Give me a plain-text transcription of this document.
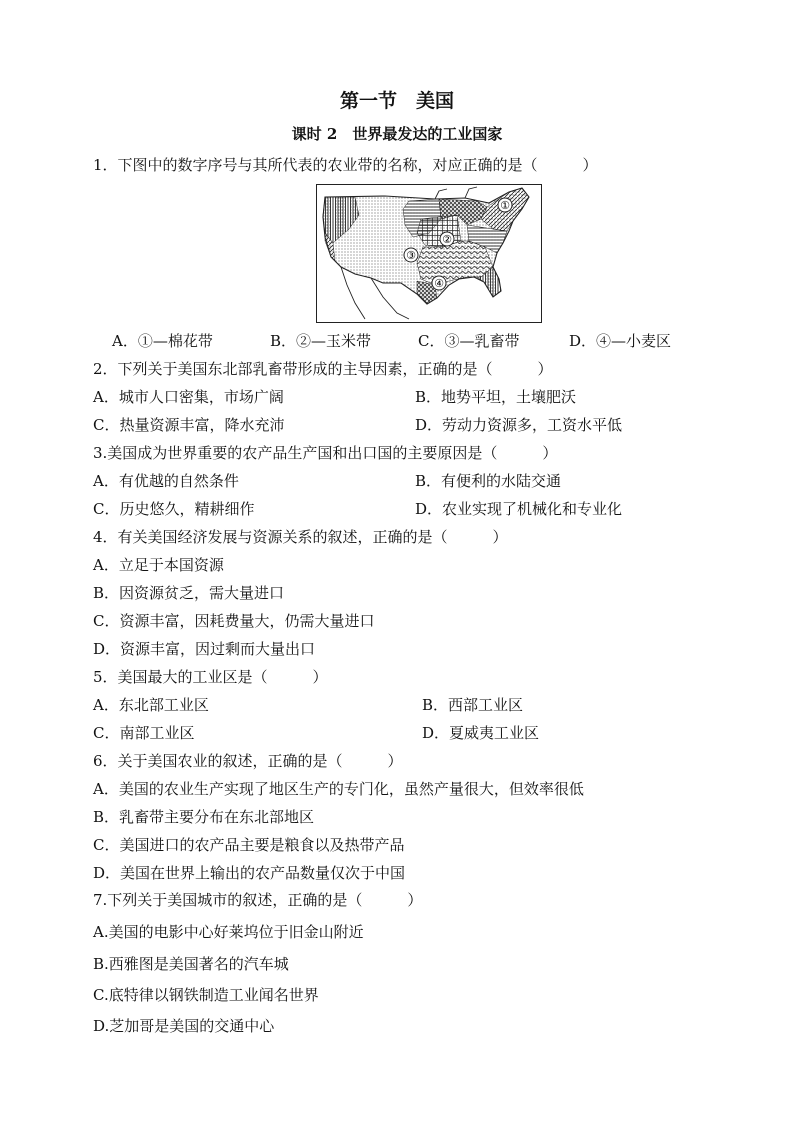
第一节　美国
课时 2　世界最发达的工业国家
1．下图中的数字序号与其所代表的农业带的名称，对应正确的是（　　　）
①
②
③
④
A．①—棉花带	B．②—玉米带	C．③—乳畜带	D．④—小麦区
2．下列关于美国东北部乳畜带形成的主导因素，正确的是（　　　）
A．城市人口密集，市场广阔	B．地势平坦，土壤肥沃
C．热量资源丰富，降水充沛	D．劳动力资源多，工资水平低
3.美国成为世界重要的农产品生产国和出口国的主要原因是（　　　）
A．有优越的自然条件	B．有便利的水陆交通
C．历史悠久，精耕细作	D．农业实现了机械化和专业化
4．有关美国经济发展与资源关系的叙述，正确的是（　　　）
A．立足于本国资源
B．因资源贫乏，需大量进口
C．资源丰富，因耗费量大，仍需大量进口
D．资源丰富，因过剩而大量出口
5．美国最大的工业区是（　　　）
A．东北部工业区	B．西部工业区
C．南部工业区	D．夏威夷工业区
6．关于美国农业的叙述，正确的是（　　　）
A．美国的农业生产实现了地区生产的专门化，虽然产量很大，但效率很低
B．乳畜带主要分布在东北部地区
C．美国进口的农产品主要是粮食以及热带产品
D．美国在世界上输出的农产品数量仅次于中国
7.下列关于美国城市的叙述，正确的是（　　　）
A.美国的电影中心好莱坞位于旧金山附近
B.西雅图是美国著名的汽车城
C.底特律以钢铁制造工业闻名世界
D.芝加哥是美国的交通中心
